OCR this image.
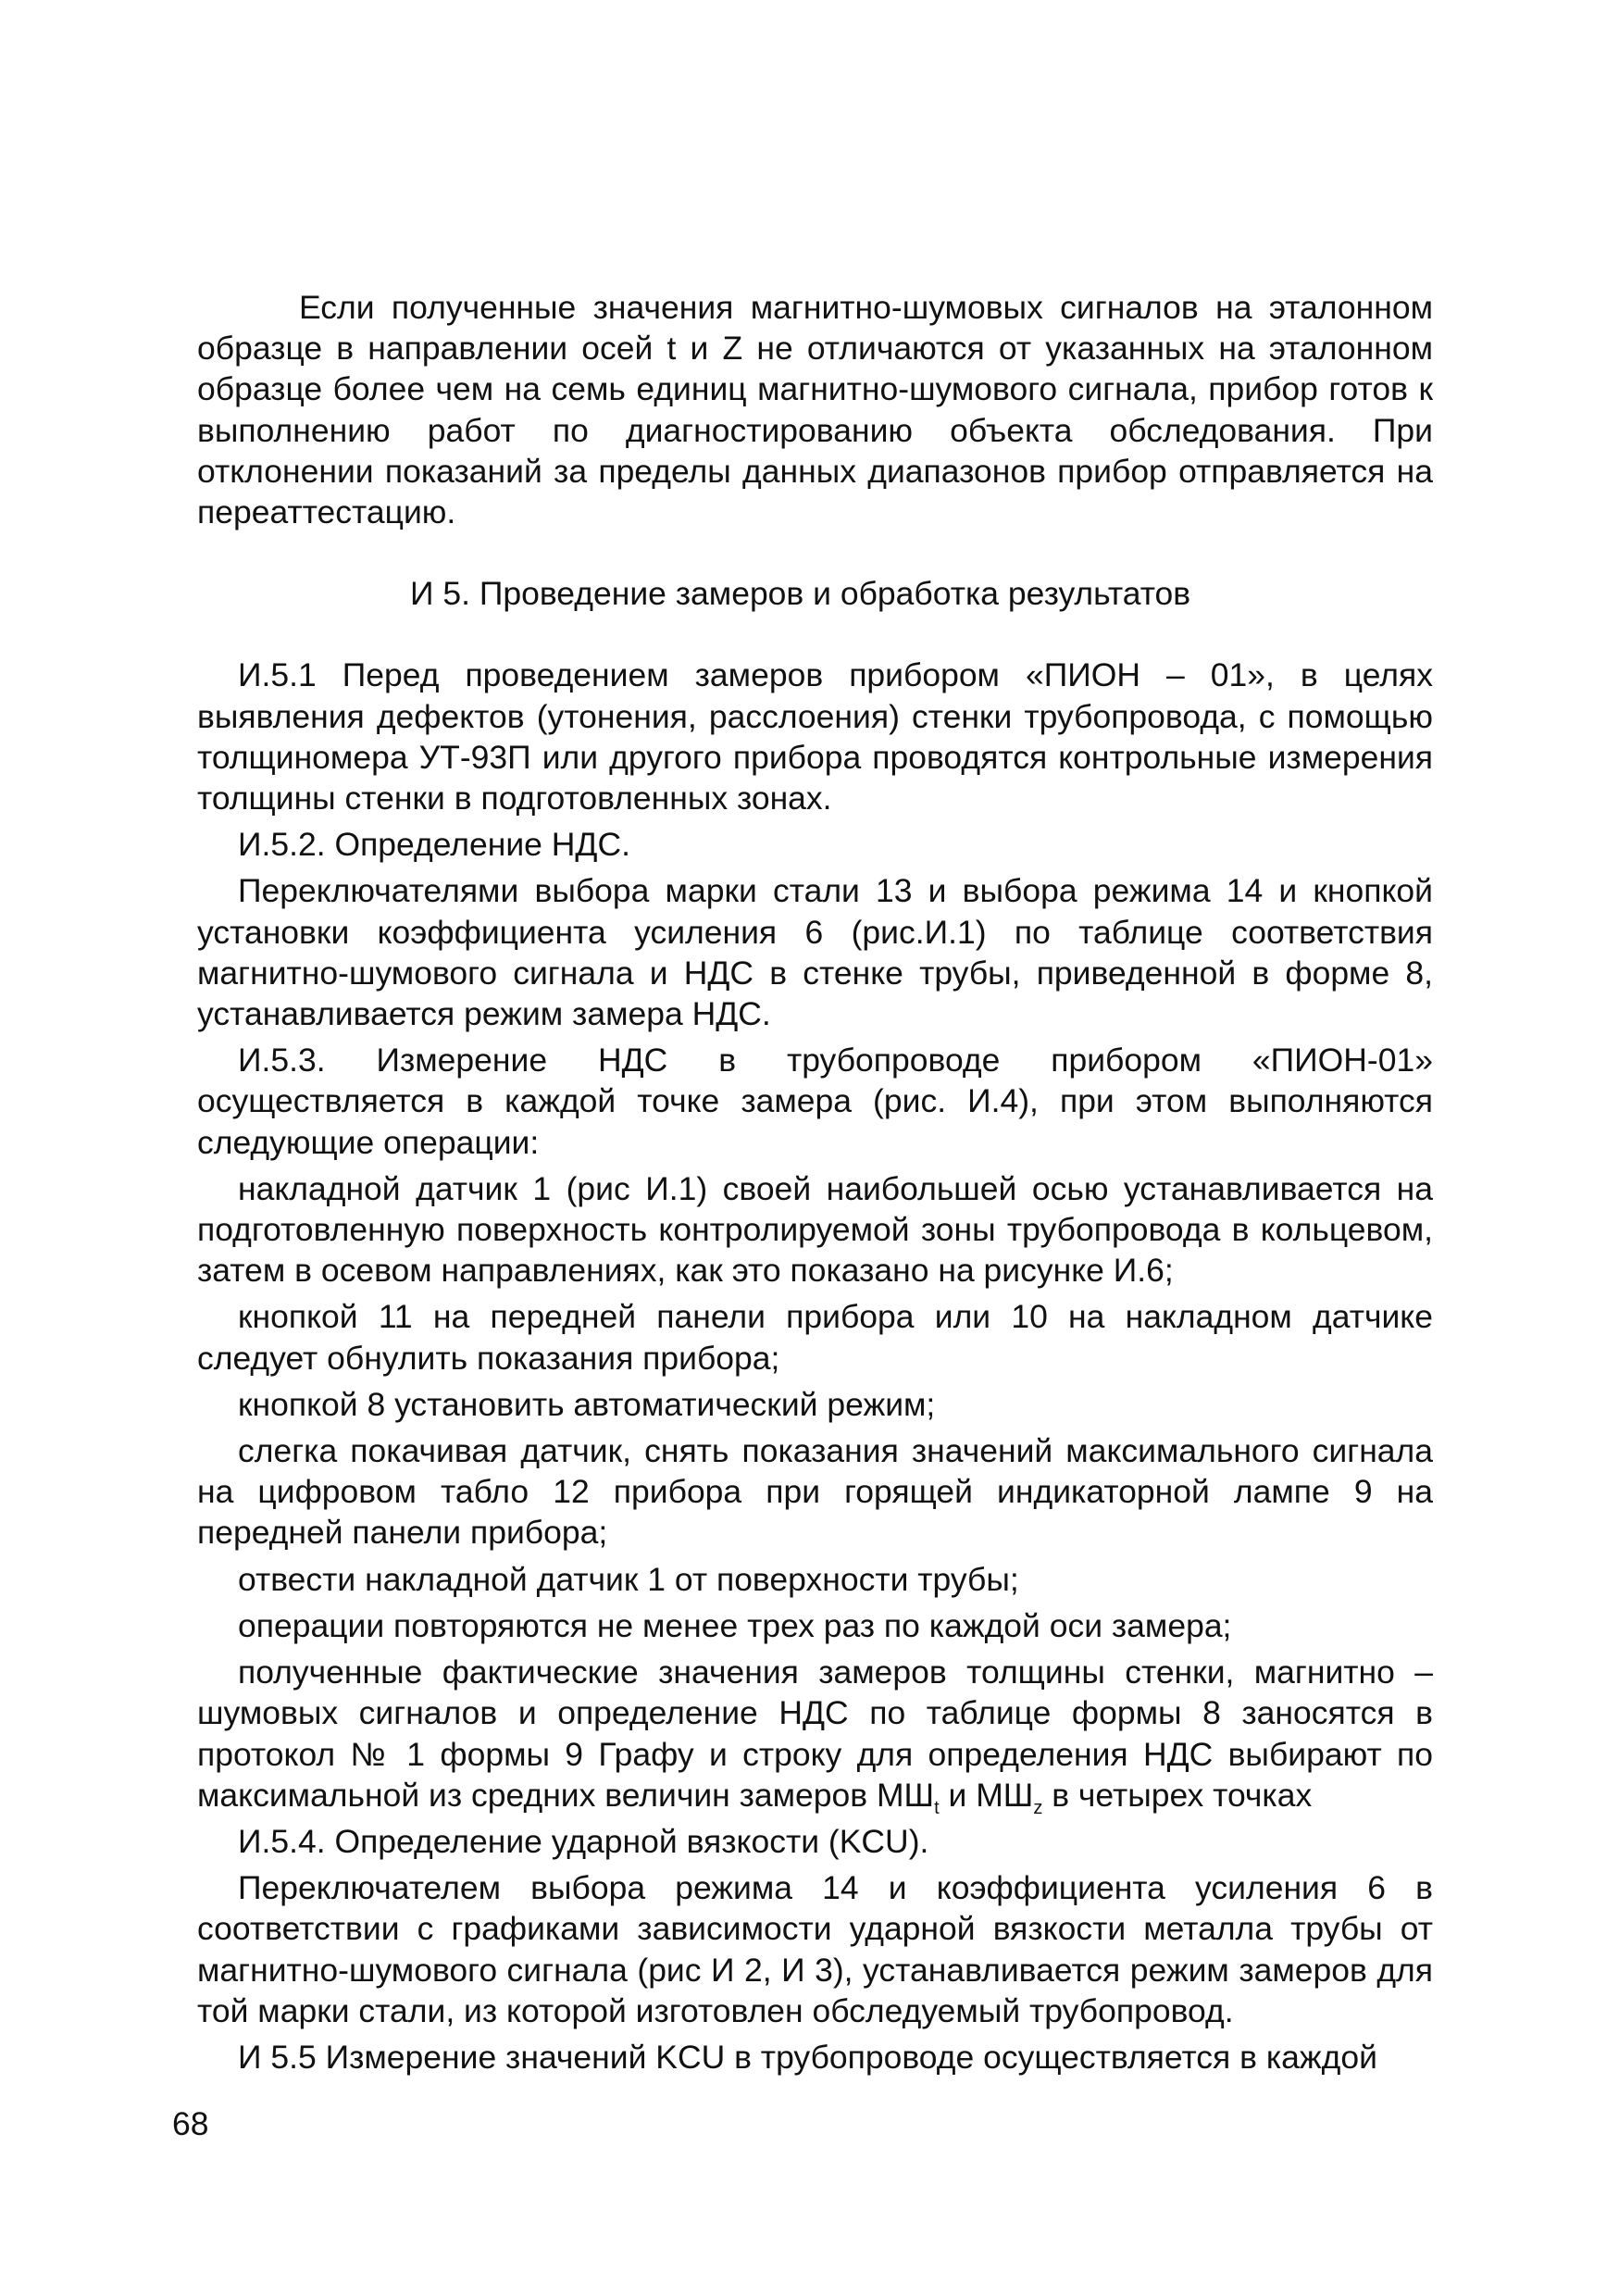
Если полученные значения магнитно-шумовых сигналов на эталонном образце в направлении осей t и Z не отличаются от указанных на эталонном образце более чем на семь единиц магнитно-шумового сигнала, прибор готов к выполнению работ по диагностированию объекта обследования. При отклонении показаний за пределы данных диапазонов прибор отправляется на переаттестацию.

И 5. Проведение замеров и обработка результатов

И.5.1 Перед проведением замеров прибором «ПИОН – 01», в целях выявления дефектов (утонения, расслоения) стенки трубопровода, с помощью толщиномера УТ-93П или другого прибора проводятся контрольные измерения толщины стенки в подготовленных зонах.

И.5.2. Определение НДС.

Переключателями выбора марки стали 13 и выбора режима 14 и кнопкой установки коэффициента усиления 6 (рис.И.1) по таблице соответствия магнитно-шумового сигнала и НДС в стенке трубы, приведенной в форме 8, устанавливается режим замера НДС.

И.5.3. Измерение НДС в трубопроводе прибором «ПИОН-01» осуществляется в каждой точке замера (рис. И.4), при этом выполняются следующие операции:

накладной датчик 1 (рис И.1) своей наибольшей осью устанавливается на подготовленную поверхность контролируемой зоны трубопровода в кольцевом, затем в осевом направлениях, как это показано на рисунке И.6;

кнопкой 11 на передней панели прибора или 10 на накладном датчике следует обнулить показания прибора;

кнопкой 8 установить автоматический режим;

слегка покачивая датчик, снять показания значений максимального сигнала на цифровом табло 12 прибора при горящей индикаторной лампе 9 на передней панели прибора;

отвести накладной датчик 1 от поверхности трубы;

операции повторяются не менее трех раз по каждой оси замера;

полученные фактические значения замеров толщины стенки, магнитно – шумовых сигналов и определение НДС по таблице формы 8 заносятся в протокол № 1 формы 9 Графу и строку для определения НДС выбирают по максимальной из средних величин замеров $МШ_t$ и $МШ_z$ в четырех точках

И.5.4. Определение ударной вязкости (KCU).

Переключателем выбора режима 14 и коэффициента усиления 6 в соответствии с графиками зависимости ударной вязкости металла трубы от магнитно-шумового сигнала (рис И 2, И 3), устанавливается режим замеров для той марки стали, из которой изготовлен обследуемый трубопровод.

И 5.5 Измерение значений KCU в трубопроводе осуществляется в каждой

68
